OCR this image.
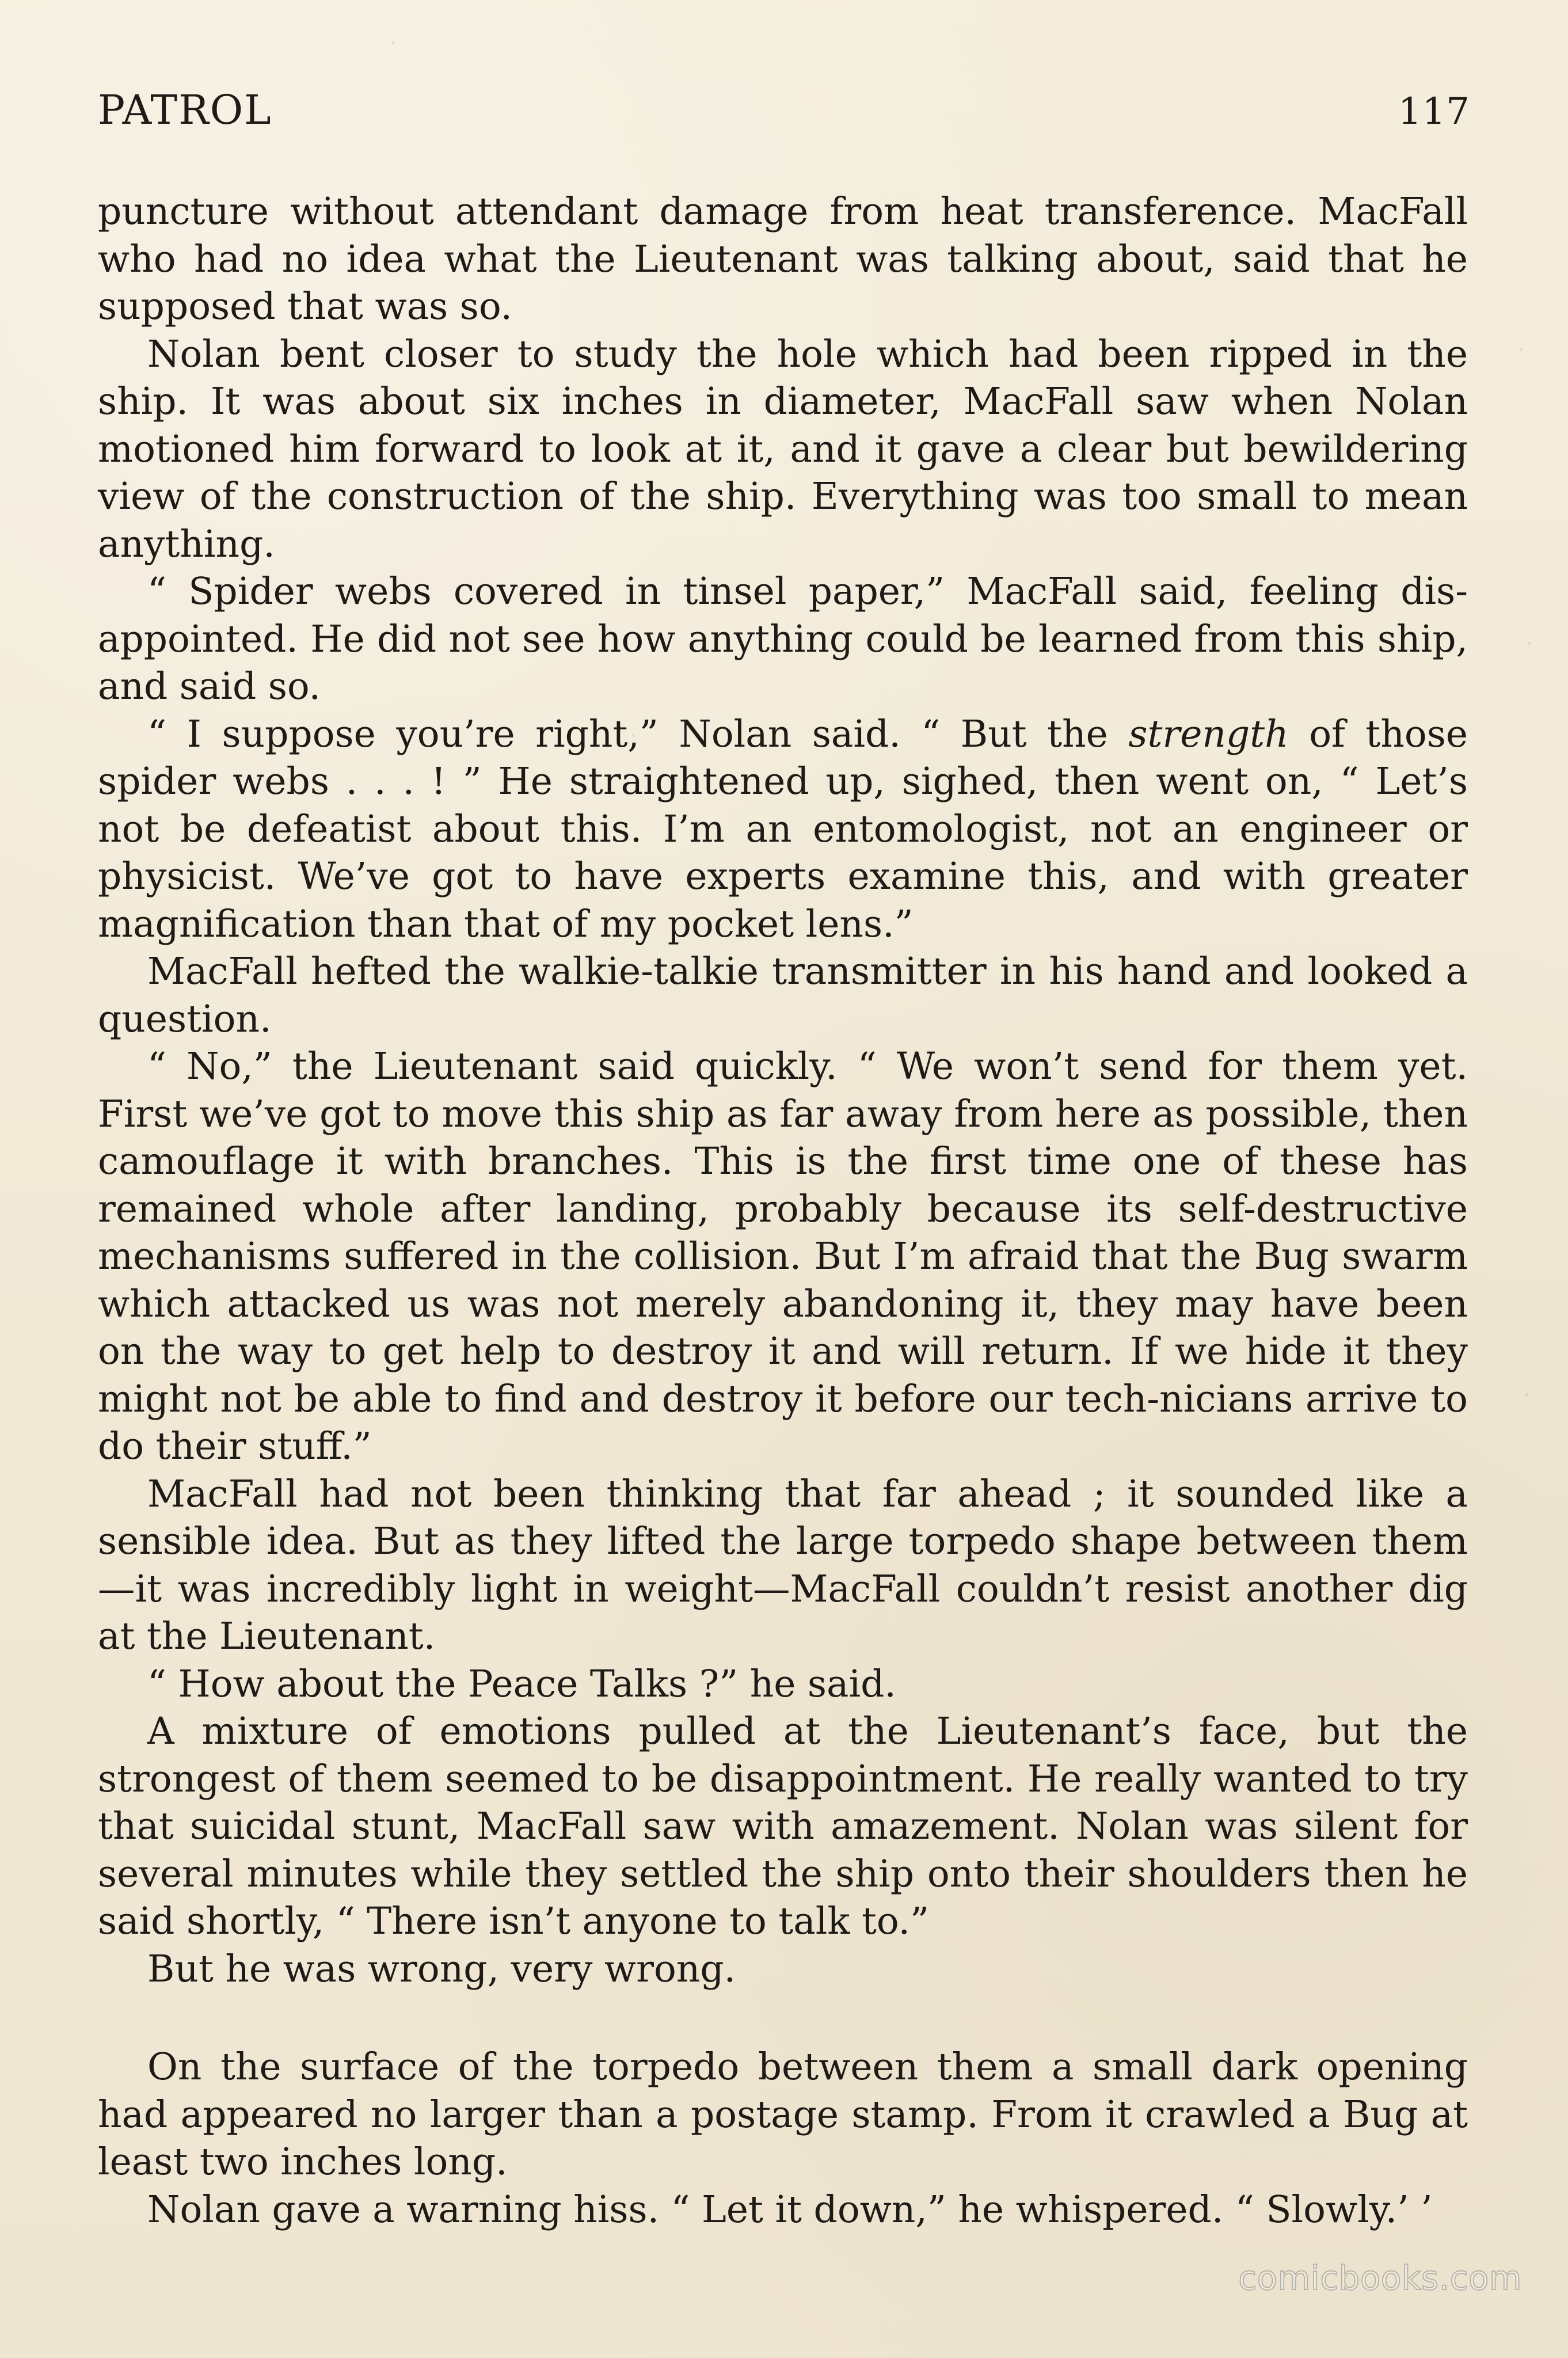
PATROL	117

puncture without attendant damage from heat transference. MacFall who had no idea what the Lieutenant was talking about, said that he supposed that was so.

Nolan bent closer to study the hole which had been ripped in the ship. It was about six inches in diameter, MacFall saw when Nolan motioned him forward to look at it, and it gave a clear but bewildering view of the construction of the ship. Everything was too small to mean anything.

“ Spider webs covered in tinsel paper,” MacFall said, feeling dis-appointed. He did not see how anything could be learned from this ship, and said so.

“ I suppose you’re right,” Nolan said. “ But the strength of those spider webs . . . ! ” He straightened up, sighed, then went on, “ Let’s not be defeatist about this. I’m an entomologist, not an engineer or physicist. We’ve got to have experts examine this, and with greater magnification than that of my pocket lens.”

MacFall hefted the walkie-talkie transmitter in his hand and looked a question.

“ No,” the Lieutenant said quickly. “ We won’t send for them yet. First we’ve got to move this ship as far away from here as possible, then camouflage it with branches. This is the first time one of these has remained whole after landing, probably because its self-destructive mechanisms suffered in the collision. But I’m afraid that the Bug swarm which attacked us was not merely abandoning it, they may have been on the way to get help to destroy it and will return. If we hide it they might not be able to find and destroy it before our tech-nicians arrive to do their stuff.”

MacFall had not been thinking that far ahead ; it sounded like a sensible idea. But as they lifted the large torpedo shape between them —it was incredibly light in weight—MacFall couldn’t resist another dig at the Lieutenant.

“ How about the Peace Talks ?” he said.

A mixture of emotions pulled at the Lieutenant’s face, but the strongest of them seemed to be disappointment. He really wanted to try that suicidal stunt, MacFall saw with amazement. Nolan was silent for several minutes while they settled the ship onto their shoulders then he said shortly, “ There isn’t anyone to talk to.”

But he was wrong, very wrong.

On the surface of the torpedo between them a small dark opening had appeared no larger than a postage stamp. From it crawled a Bug at least two inches long.

Nolan gave a warning hiss. “ Let it down,” he whispered. “ Slowly.’ ’

comicbooks.com
